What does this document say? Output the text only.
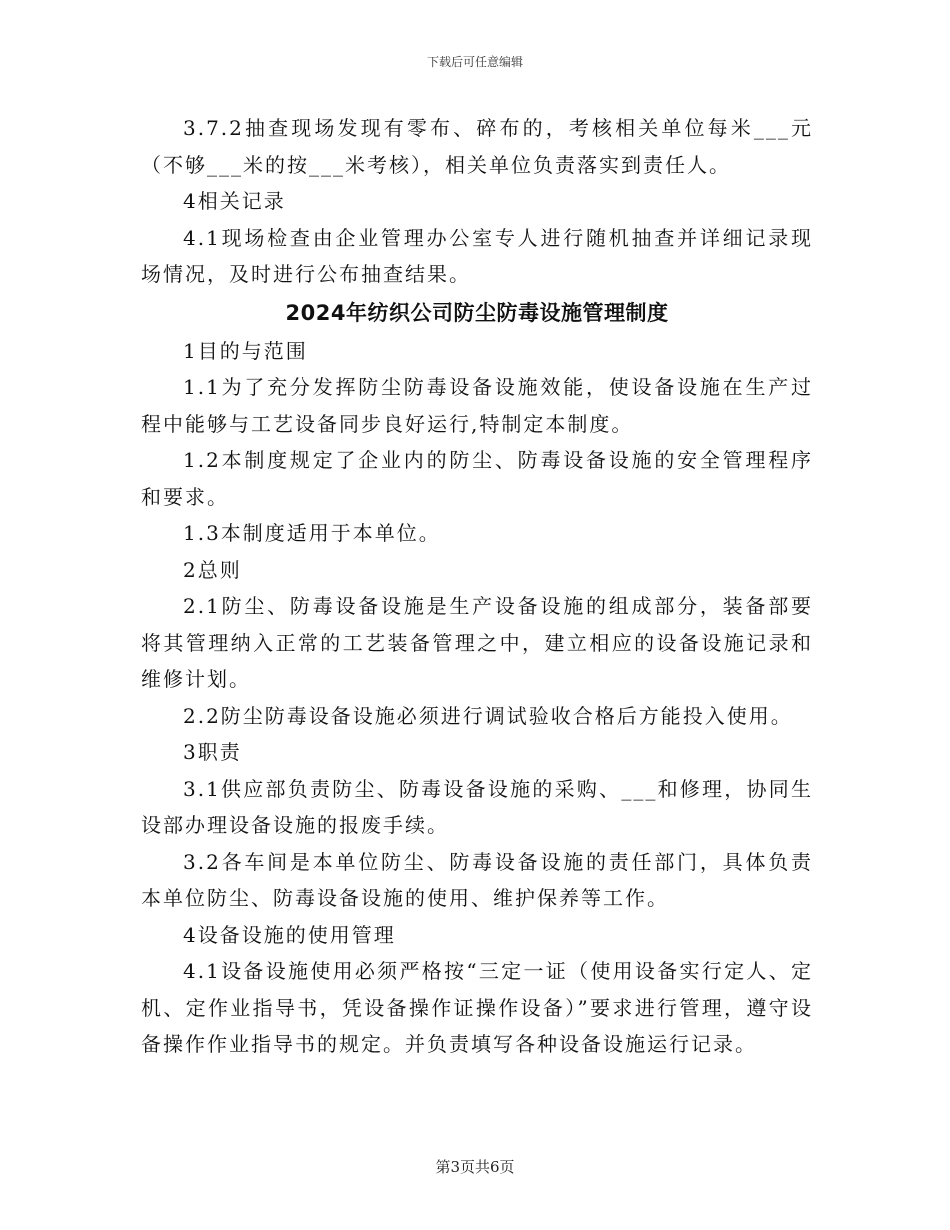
下载后可任意编辑

3.7.2抽查现场发现有零布、碎布的，考核相关单位每米___元（不够___米的按___米考核），相关单位负责落实到责任人。

4相关记录

4.1现场检查由企业管理办公室专人进行随机抽查并详细记录现场情况，及时进行公布抽查结果。

2024年纺织公司防尘防毒设施管理制度

1目的与范围

1.1为了充分发挥防尘防毒设备设施效能，使设备设施在生产过程中能够与工艺设备同步良好运行,特制定本制度。

1.2本制度规定了企业内的防尘、防毒设备设施的安全管理程序和要求。

1.3本制度适用于本单位。

2总则

2.1防尘、防毒设备设施是生产设备设施的组成部分，装备部要将其管理纳入正常的工艺装备管理之中，建立相应的设备设施记录和维修计划。

2.2防尘防毒设备设施必须进行调试验收合格后方能投入使用。

3职责

3.1供应部负责防尘、防毒设备设施的采购、___和修理，协同生设部办理设备设施的报废手续。

3.2各车间是本单位防尘、防毒设备设施的责任部门，具体负责本单位防尘、防毒设备设施的使用、维护保养等工作。

4设备设施的使用管理

4.1设备设施使用必须严格按“三定一证（使用设备实行定人、定机、定作业指导书，凭设备操作证操作设备）”要求进行管理，遵守设备操作作业指导书的规定。并负责填写各种设备设施运行记录。

第3页共6页
